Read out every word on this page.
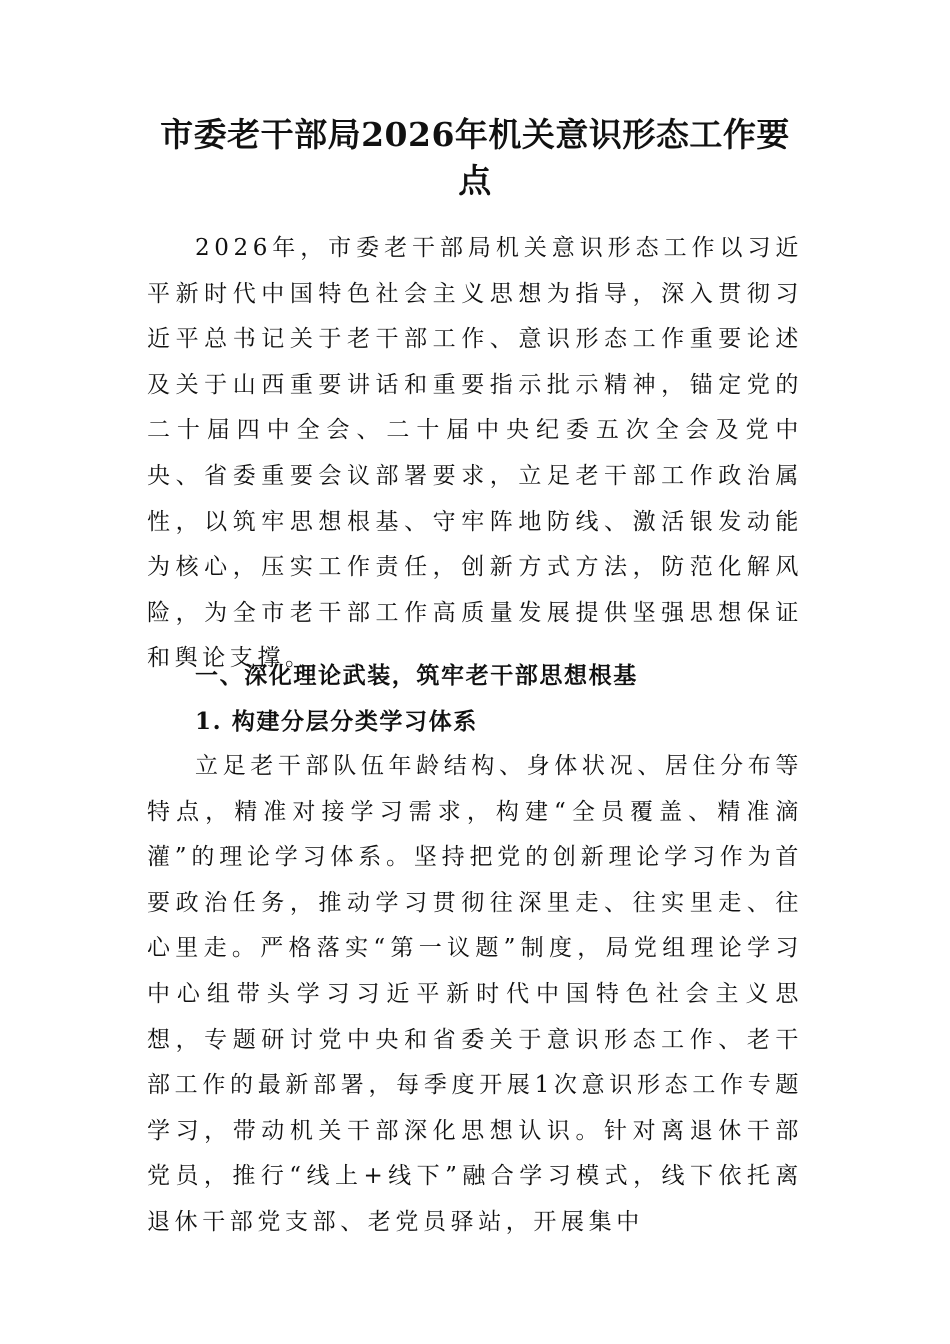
市委老干部局2026年机关意识形态工作要点

2026年，市委老干部局机关意识形态工作以习近平新时代中国特色社会主义思想为指导，深入贯彻习近平总书记关于老干部工作、意识形态工作重要论述及关于山西重要讲话和重要指示批示精神，锚定党的二十届四中全会、二十届中央纪委五次全会及党中央、省委重要会议部署要求，立足老干部工作政治属性，以筑牢思想根基、守牢阵地防线、激活银发动能为核心，压实工作责任，创新方式方法，防范化解风险，为全市老干部工作高质量发展提供坚强思想保证和舆论支撑。

一、深化理论武装，筑牢老干部思想根基
1. 构建分层分类学习体系

立足老干部队伍年龄结构、身体状况、居住分布等特点，精准对接学习需求，构建“全员覆盖、精准滴灌”的理论学习体系。坚持把党的创新理论学习作为首要政治任务，推动学习贯彻往深里走、往实里走、往心里走。严格落实“第一议题”制度，局党组理论学习中心组带头学习习近平新时代中国特色社会主义思想，专题研讨党中央和省委关于意识形态工作、老干部工作的最新部署，每季度开展1次意识形态工作专题学习，带动机关干部深化思想认识。针对离退休干部党员，推行“线上+线下”融合学习模式，线下依托离退休干部党支部、老党员驿站，开展集中
